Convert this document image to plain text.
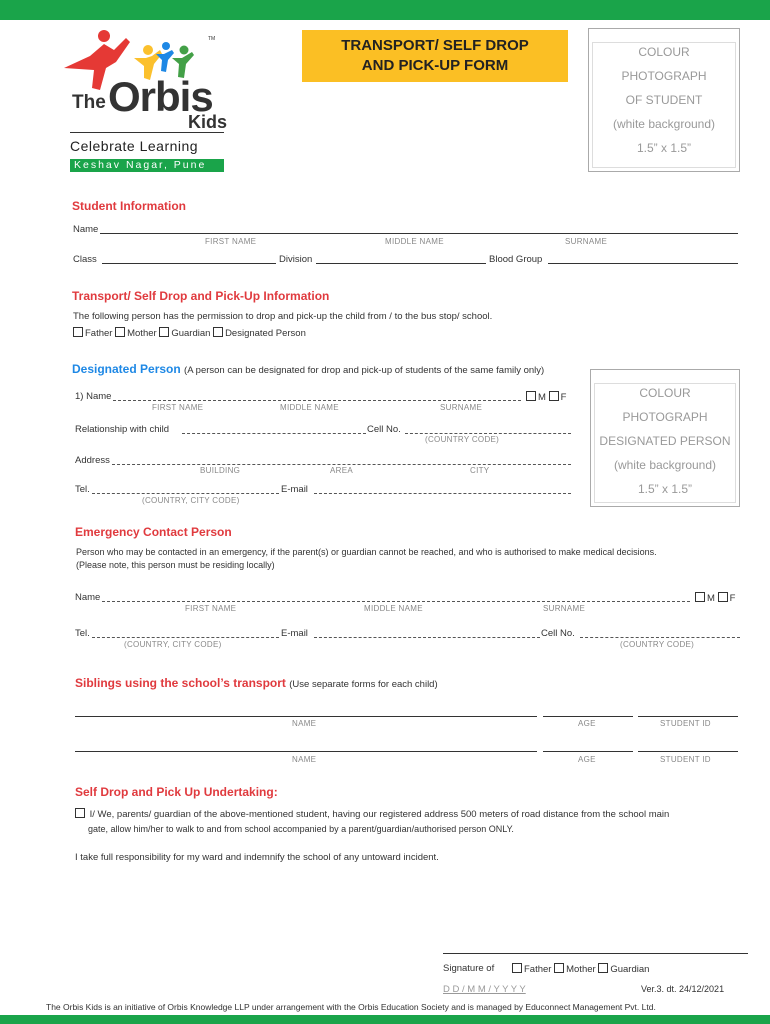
The Orbis
Kids
TM
Celebrate Learning
Keshav Nagar, Pune
TRANSPORT/ SELF DROP
AND PICK-UP FORM
COLOUR
PHOTOGRAPH
OF STUDENT
(white background)
1.5” x 1.5”
Student Information
Name
FIRST NAME	MIDDLE NAME	SURNAME
Class	Division	Blood Group
Transport/ Self Drop and Pick-Up Information
The following person has the permission to drop and pick-up the child from / to the bus stop/ school.
Father Mother Guardian Designated Person
Designated Person (A person can be designated for drop and pick-up of students of the same family only)
1) Name	M F
FIRST NAME	MIDDLE NAME	SURNAME
Relationship with child	Cell No.
(COUNTRY CODE)
Address
BUILDING	AREA	CITY
Tel.
(COUNTRY, CITY CODE)
E-mail
COLOUR
PHOTOGRAPH
DESIGNATED PERSON
(white background)
1.5” x 1.5”
Emergency Contact Person
Person who may be contacted in an emergency, if the parent(s) or guardian cannot be reached, and who is authorised to make medical decisions.
(Please note, this person must be residing locally)
Name	M F
FIRST NAME	MIDDLE NAME	SURNAME
Tel.
(COUNTRY, CITY CODE)
E-mail	Cell No.
(COUNTRY CODE)
Siblings using the school’s transport (Use separate forms for each child)
NAME	AGE	STUDENT ID
NAME	AGE	STUDENT ID
Self Drop and Pick Up Undertaking:
I/ We, parents/ guardian of the above-mentioned student, having our registered address 500 meters of road distance from the school main
gate, allow him/her to walk to and from school accompanied by a parent/guardian/authorised person ONLY.
I take full responsibility for my ward and indemnify the school of any untoward incident.
Signature of	Father Mother Guardian
D D / M M / Y Y Y Y	Ver.3. dt. 24/12/2021
The Orbis Kids is an initiative of Orbis Knowledge LLP under arrangement with the Orbis Education Society and is managed by Educonnect Management Pvt. Ltd.
